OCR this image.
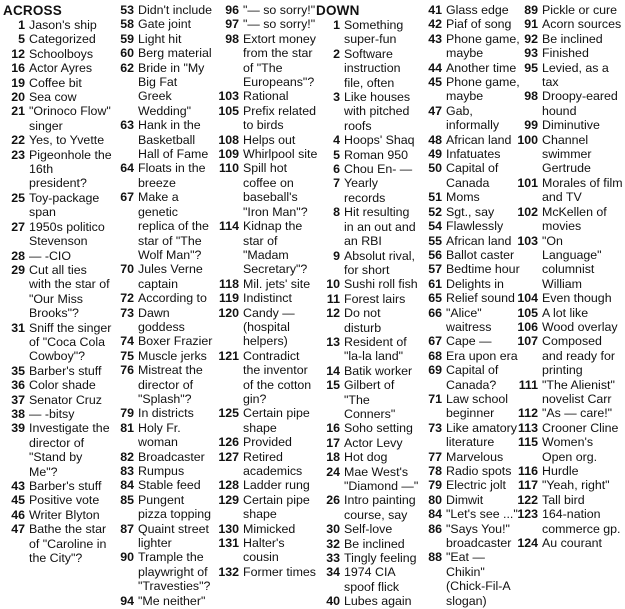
ACROSS
1 Jason's ship
5 Categorized
12 Schoolboys
16 Actor Ayres
19 Coffee bit
20 Sea cow
21 "Orinoco Flow" singer
22 Yes, to Yvette
23 Pigeonhole the 16th president?
25 Toy-package span
27 1950s politico Stevenson
28 — -CIO
29 Cut all ties with the star of "Our Miss Brooks"?
31 Sniff the singer of "Coca Cola Cowboy"?
35 Barber's stuff
36 Color shade
37 Senator Cruz
38 — -bitsy
39 Investigate the director of "Stand by Me"?
43 Barber's stuff
45 Positive vote
46 Writer Blyton
47 Bathe the star of "Caroline in the City"?
53 Didn't include
58 Gate joint
59 Light hit
60 Berg material
62 Bride in "My Big Fat Greek Wedding"
63 Hank in the Basketball Hall of Fame
64 Floats in the breeze
67 Make a genetic replica of the star of "The Wolf Man"?
70 Jules Verne captain
72 According to
73 Dawn goddess
74 Boxer Frazier
75 Muscle jerks
76 Mistreat the director of "Splash"?
79 In districts
81 Holy Fr. woman
82 Broadcaster
83 Rumpus
84 Stable feed
85 Pungent pizza topping
87 Quaint street lighter
90 Trample the playwright of "Travesties"?
94 "Me neither"
96 "— so sorry!"
97 "— so sorry!"
98 Extort money from the star of "The Europeans"?
103 Rational
105 Prefix related to birds
108 Helps out
109 Whirlpool site
110 Spill hot coffee on baseball's "Iron Man"?
114 Kidnap the star of "Madam Secretary"?
118 Mil. jets' site
119 Indistinct
120 Candy — (hospital helpers)
121 Contradict the inventor of the cotton gin?
125 Certain pipe shape
126 Provided
127 Retired academics
128 Ladder rung
129 Certain pipe shape
130 Mimicked
131 Halter's cousin
132 Former times
DOWN
1 Something super-fun
2 Software instruction file, often
3 Like houses with pitched roofs
4 Hoops' Shaq
5 Roman 950
6 Chou En- —
7 Yearly records
8 Hit resulting in an out and an RBI
9 Absolut rival, for short
10 Sushi roll fish
11 Forest lairs
12 Do not disturb
13 Resident of "la-la land"
14 Batik worker
15 Gilbert of "The Conners"
16 Soho setting
17 Actor Levy
18 Hot dog
24 Mae West's "Diamond —"
26 Intro painting course, say
30 Self-love
32 Be inclined
33 Tingly feeling
34 1974 CIA spoof flick
40 Lubes again
41 Glass edge
42 Piaf of song
43 Phone game, maybe
44 Another time
45 Phone game, maybe
47 Gab, informally
48 African land
49 Infatuates
50 Capital of Canada
51 Moms
52 Sgt., say
54 Flawlessly
55 African land
56 Ballot caster
57 Bedtime hour
61 Delights in
65 Relief sound
66 "Alice" waitress
67 Cape —
68 Era upon era
69 Capital of Canada?
71 Law school beginner
73 Like amatory literature
77 Marvelous
78 Radio spots
79 Electric jolt
80 Dimwit
84 "Let's see ..."
86 "Says You!" broadcaster
88 "Eat — Chikin" (Chick-Fil-A slogan)
89 Pickle or cure
91 Acorn sources
92 Be inclined
93 Finished
95 Levied, as a tax
98 Droopy-eared hound
99 Diminutive
100 Channel swimmer Gertrude
101 Morales of film and TV
102 McKellen of movies
103 "On Language" columnist William
104 Even though
105 A lot like
106 Wood overlay
107 Composed and ready for printing
111 "The Alienist" novelist Carr
112 "As — care!"
113 Crooner Cline
115 Women's Open org.
116 Hurdle
117 "Yeah, right"
122 Tall bird
123 164-nation commerce gp.
124 Au courant
